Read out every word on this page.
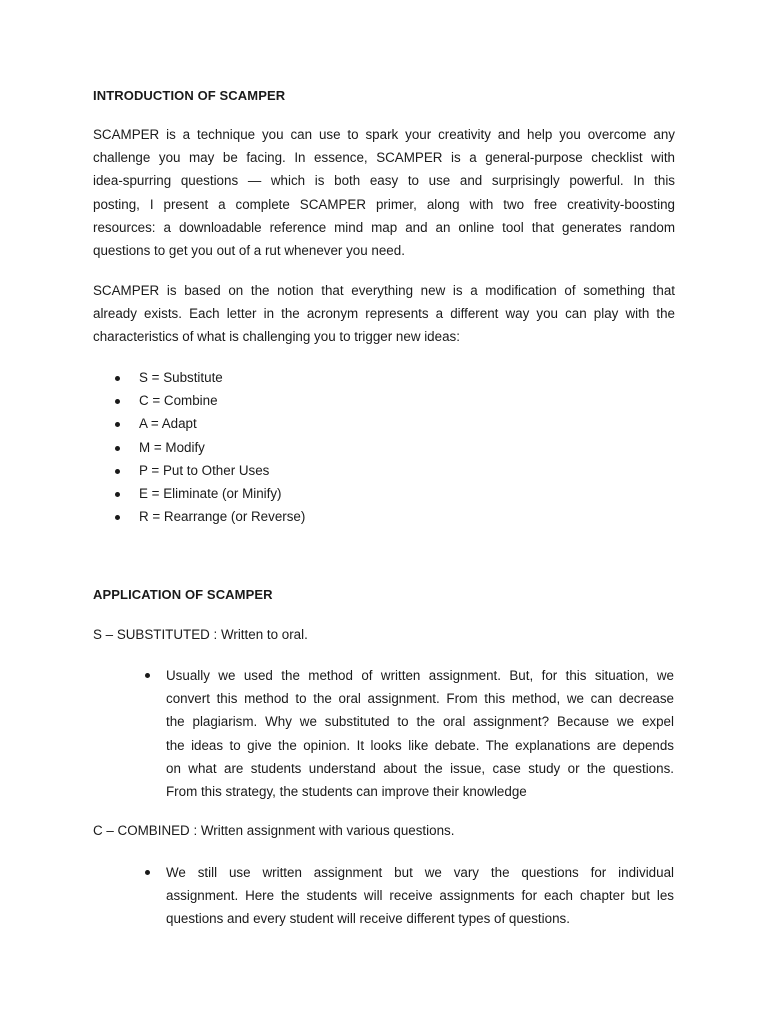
INTRODUCTION OF SCAMPER
SCAMPER is a technique you can use to spark your creativity and help you overcome any
challenge you may be facing. In essence, SCAMPER is a general-purpose checklist with
idea-spurring questions — which is both easy to use and surprisingly powerful. In this
posting, I present a complete SCAMPER primer, along with two free creativity-boosting
resources: a downloadable reference mind map and an online tool that generates random
questions to get you out of a rut whenever you need.
SCAMPER is based on the notion that everything new is a modification of something that
already exists. Each letter in the acronym represents a different way you can play with the
characteristics of what is challenging you to trigger new ideas:
S = Substitute
C = Combine
A = Adapt
M = Modify
P = Put to Other Uses
E = Eliminate (or Minify)
R = Rearrange (or Reverse)
APPLICATION OF SCAMPER
S – SUBSTITUTED : Written to oral.
Usually we used the method of written assignment. But, for this situation, we
convert this method to the oral assignment. From this method, we can decrease
the plagiarism. Why we substituted to the oral assignment? Because we expel
the ideas to give the opinion. It looks like debate. The explanations are depends
on what are students understand about the issue, case study or the questions.
From this strategy, the students can improve their knowledge
C – COMBINED : Written assignment with various questions.
We still use written assignment but we vary the questions for individual
assignment. Here the students will receive assignments for each chapter but les
questions and every student will receive different types of questions.
